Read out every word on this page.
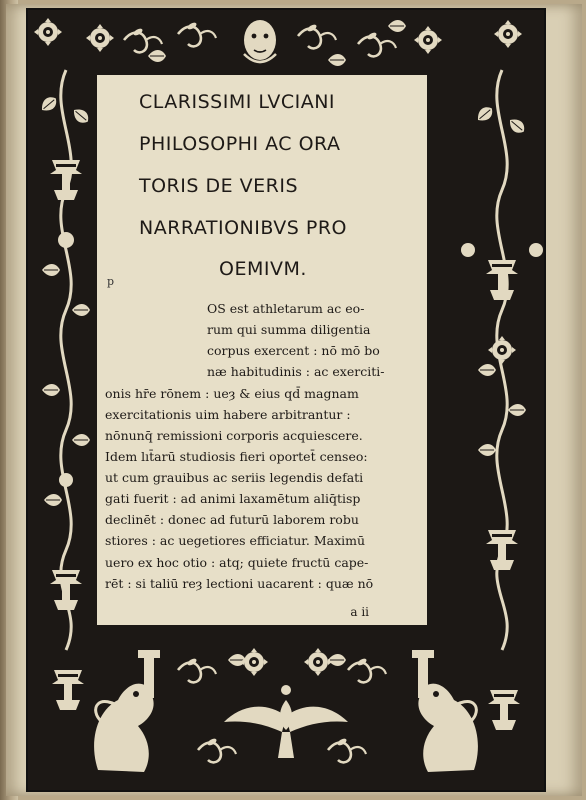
CLARISSIMI LVCIANI
PHILOSOPHI AC ORA
TORIS DE VERIS
NARRATIONIBVS PRO
OEMIVM.
p
OS est athletarum ac eo-
rum qui summa diligentia
corpus exercent : nō mō bo
næ habitudinis : ac exerciti-
onis hr̄e rōnem : ueȝ & eius qd̄ magnam
exercitationis uim habere arbitrantur :
nōnunq̄ remissioni corporis acquiescere.
Idem lıt̄arū studiosis fieri oportet̄ censeo:
ut cum grauibus ac seriis legendis defati
gati fuerit : ad animi laxamētum aliq̄tisp
declinēt : donec ad futurū laborem robu
stiores : ac uegetiores efficiatur. Maximū
uero ex hoc otio : atq; quiete fructū cape-
rēt : si taliū reȝ lectioni uacarent : quæ nō
a ii
